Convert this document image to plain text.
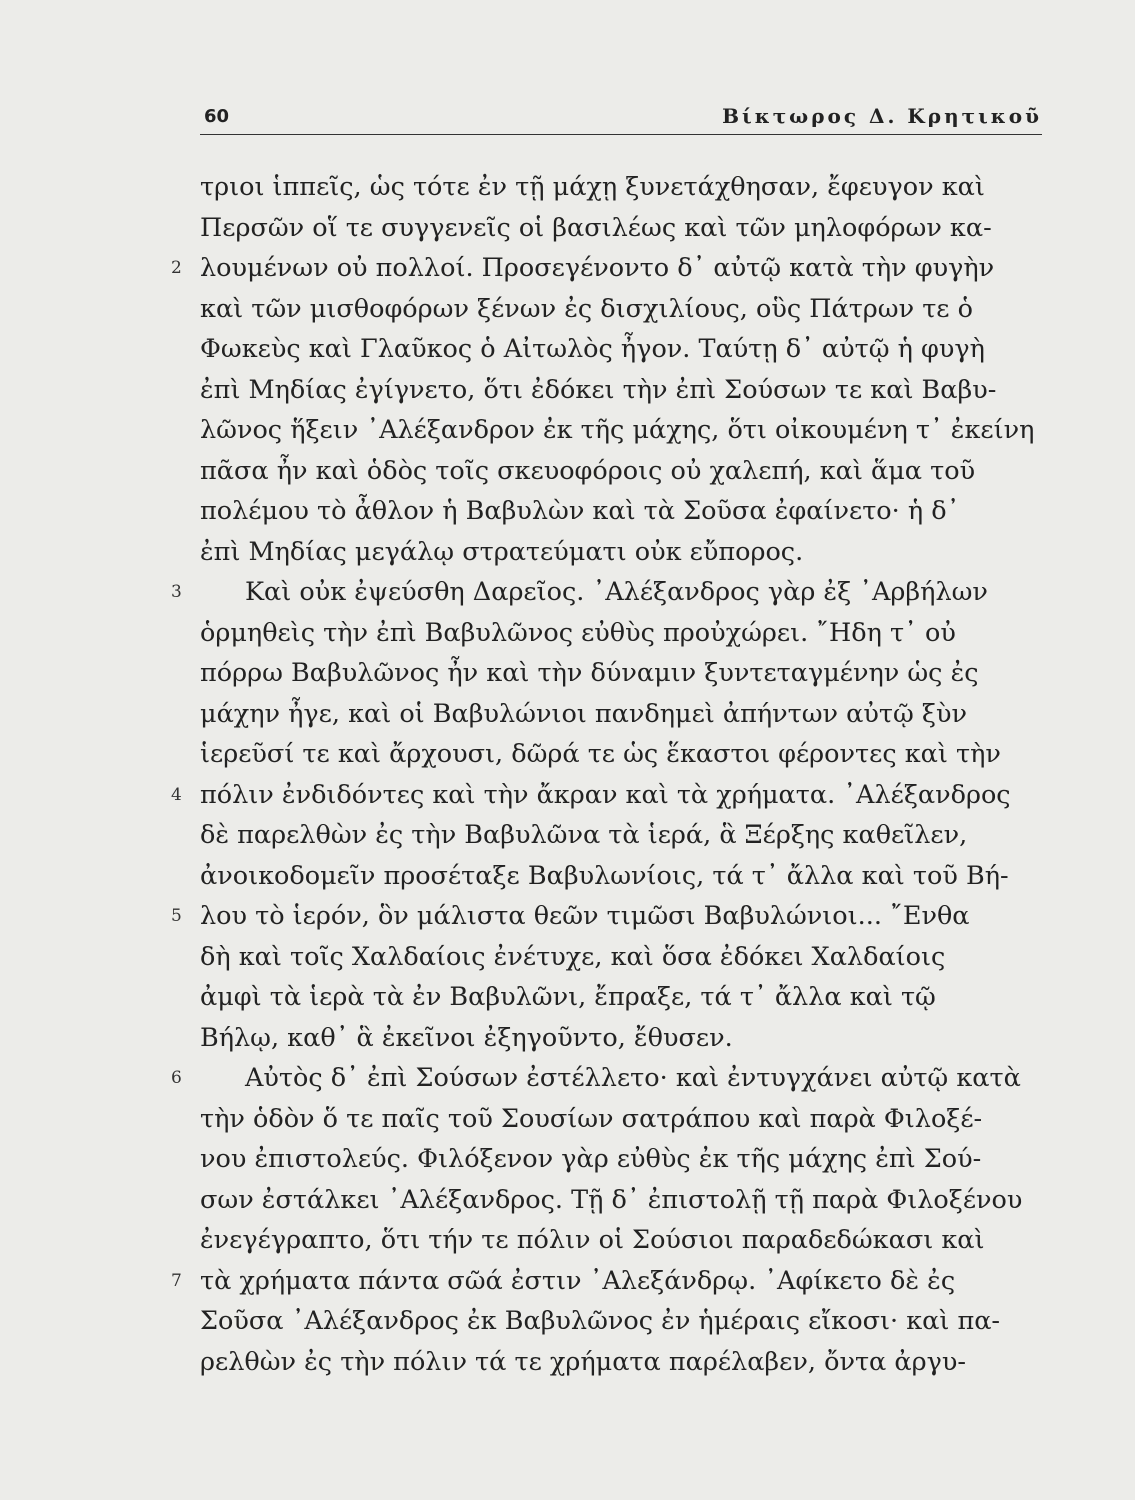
60	Βίκτωρος Δ. Κρητικοῦ
τριοι ἱππεῖς, ὡς τότε ἐν τῇ μάχῃ ξυνετάχθησαν, ἔφευγον καὶ
Περσῶν οἵ τε συγγενεῖς οἱ βασιλέως καὶ τῶν μηλοφόρων κα-
2 λουμένων οὐ πολλοί. Προσεγένοντο δ᾿ αὐτῷ κατὰ τὴν φυγὴν
καὶ τῶν μισθοφόρων ξένων ἐς δισχιλίους, οὓς Πάτρων τε ὁ
Φωκεὺς καὶ Γλαῦκος ὁ Αἰτωλὸς ἦγον. Ταύτῃ δ᾿ αὐτῷ ἡ φυγὴ
ἐπὶ Μηδίας ἐγίγνετο, ὅτι ἐδόκει τὴν ἐπὶ Σούσων τε καὶ Βαβυ-
λῶνος ἥξειν ᾿Αλέξανδρον ἐκ τῆς μάχης, ὅτι οἰκουμένη τ᾿ ἐκείνη
πᾶσα ἦν καὶ ὁδὸς τοῖς σκευοφόροις οὐ χαλεπή, καὶ ἅμα τοῦ
πολέμου τὸ ἆθλον ἡ Βαβυλὼν καὶ τὰ Σοῦσα ἐφαίνετο· ἡ δ᾿
ἐπὶ Μηδίας μεγάλῳ στρατεύματι οὐκ εὔπορος.
3	Καὶ οὐκ ἐψεύσθη Δαρεῖος. ᾿Αλέξανδρος γὰρ ἐξ ᾿Αρβήλων
ὁρμηθεὶς τὴν ἐπὶ Βαβυλῶνος εὐθὺς προὐχώρει. ῎Ηδη τ᾿ οὐ
πόρρω Βαβυλῶνος ἦν καὶ τὴν δύναμιν ξυντεταγμένην ὡς ἐς
μάχην ἦγε, καὶ οἱ Βαβυλώνιοι πανδημεὶ ἀπήντων αὐτῷ ξὺν
ἱερεῦσί τε καὶ ἄρχουσι, δῶρά τε ὡς ἕκαστοι φέροντες καὶ τὴν
4 πόλιν ἐνδιδόντες καὶ τὴν ἄκραν καὶ τὰ χρήματα. ᾿Αλέξανδρος
δὲ παρελθὼν ἐς τὴν Βαβυλῶνα τὰ ἱερά, ἃ Ξέρξης καθεῖλεν,
ἀνοικοδομεῖν προσέταξε Βαβυλωνίοις, τά τ᾿ ἄλλα καὶ τοῦ Βή-
5 λου τὸ ἱερόν, ὃν μάλιστα θεῶν τιμῶσι Βαβυλώνιοι... ῎Ενθα
δὴ καὶ τοῖς Χαλδαίοις ἐνέτυχε, καὶ ὅσα ἐδόκει Χαλδαίοις
ἀμφὶ τὰ ἱερὰ τὰ ἐν Βαβυλῶνι, ἔπραξε, τά τ᾿ ἄλλα καὶ τῷ
Βήλῳ, καθ᾿ ἃ ἐκεῖνοι ἐξηγοῦντο, ἔθυσεν.
6	Αὐτὸς δ᾿ ἐπὶ Σούσων ἐστέλλετο· καὶ ἐντυγχάνει αὐτῷ κατὰ
τὴν ὁδὸν ὅ τε παῖς τοῦ Σουσίων σατράπου καὶ παρὰ Φιλοξέ-
νου ἐπιστολεύς. Φιλόξενον γὰρ εὐθὺς ἐκ τῆς μάχης ἐπὶ Σού-
σων ἐστάλκει ᾿Αλέξανδρος. Τῇ δ᾿ ἐπιστολῇ τῇ παρὰ Φιλοξένου
ἐνεγέγραπτο, ὅτι τήν τε πόλιν οἱ Σούσιοι παραδεδώκασι καὶ
7 τὰ χρήματα πάντα σῶά ἐστιν ᾿Αλεξάνδρῳ. ᾿Αφίκετο δὲ ἐς
Σοῦσα ᾿Αλέξανδρος ἐκ Βαβυλῶνος ἐν ἡμέραις εἴκοσι· καὶ πα-
ρελθὼν ἐς τὴν πόλιν τά τε χρήματα παρέλαβεν, ὄντα ἀργυ-
